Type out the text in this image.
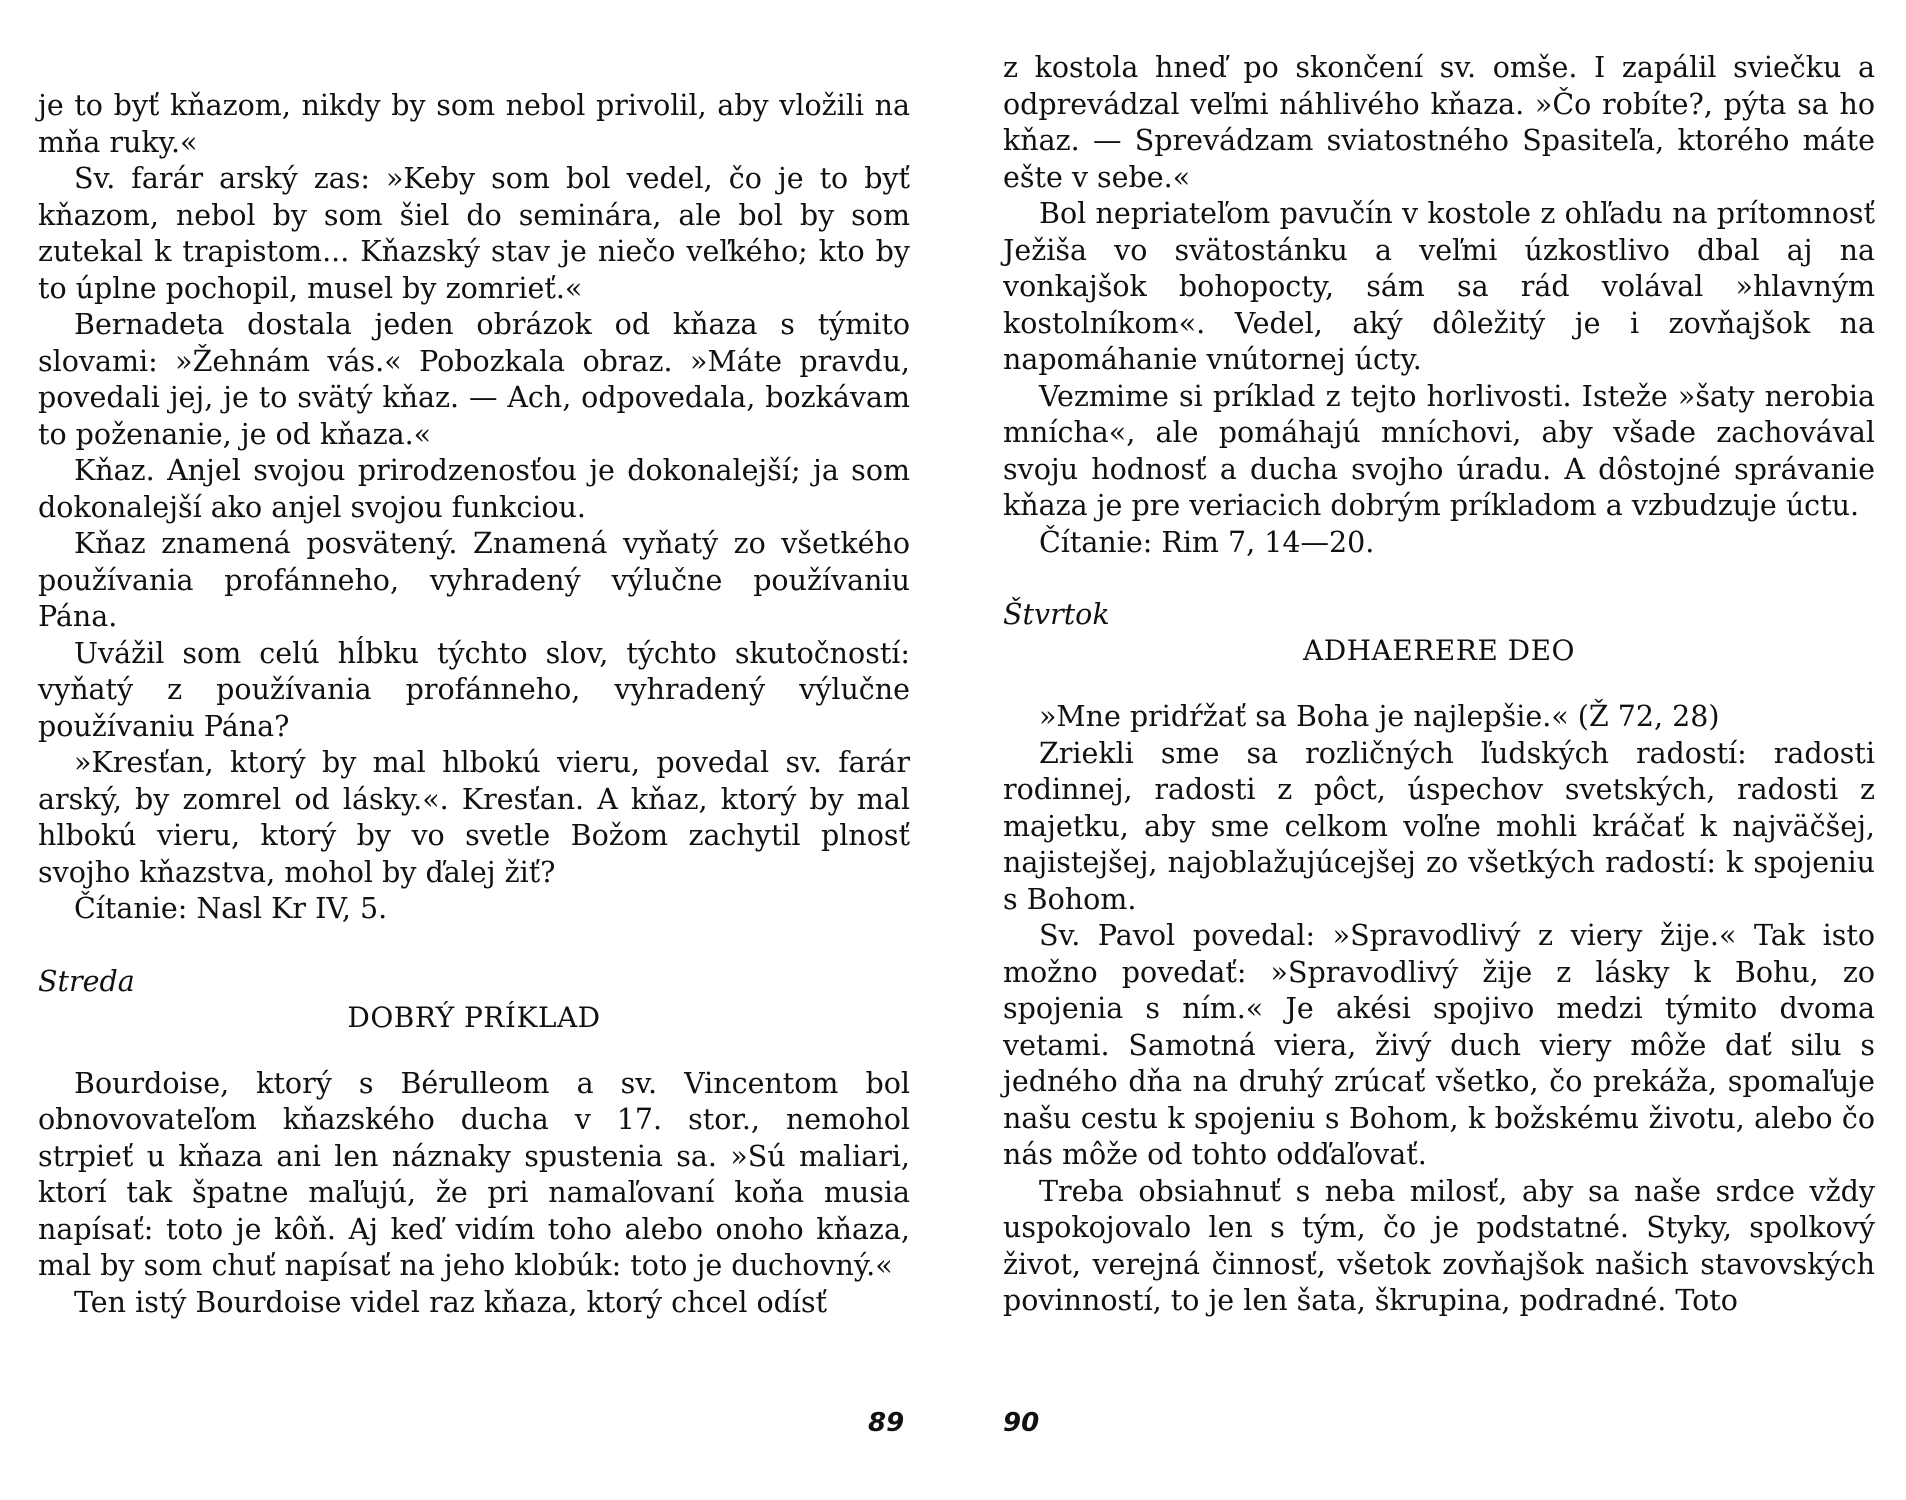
je to byť kňazom, nikdy by som nebol privolil, aby vložili na mňa ruky.«

Sv. farár arský zas: »Keby som bol vedel, čo je to byť kňazom, nebol by som šiel do seminára, ale bol by som zutekal k trapistom... Kňazský stav je niečo veľkého; kto by to úplne pochopil, musel by zomrieť.«

Bernadeta dostala jeden obrázok od kňaza s týmito slovami: »Žehnám vás.« Pobozkala obraz. »Máte pravdu, povedali jej, je to svätý kňaz. — Ach, odpovedala, bozkávam to poženanie, je od kňaza.«

Kňaz. Anjel svojou prirodzenosťou je dokonalejší; ja som dokonalejší ako anjel svojou funkciou.

Kňaz znamená posvätený. Znamená vyňatý zo všetkého používania profánneho, vyhradený výlučne používaniu Pána.

Uvážil som celú hĺbku týchto slov, týchto skutočností: vyňatý z používania profánneho, vyhradený výlučne používaniu Pána?

»Kresťan, ktorý by mal hlbokú vieru, povedal sv. farár arský, by zomrel od lásky.«. Kresťan. A kňaz, ktorý by mal hlbokú vieru, ktorý by vo svetle Božom zachytil plnosť svojho kňazstva, mohol by ďalej žiť?

Čítanie: Nasl Kr IV, 5.

Streda
DOBRÝ PRÍKLAD

Bourdoise, ktorý s Bérulleom a sv. Vincentom bol obnovovateľom kňazského ducha v 17. stor., nemohol strpieť u kňaza ani len náznaky spustenia sa. »Sú maliari, ktorí tak špatne maľujú, že pri namaľovaní koňa musia napísať: toto je kôň. Aj keď vidím toho alebo onoho kňaza, mal by som chuť napísať na jeho klobúk: toto je duchovný.«

Ten istý Bourdoise videl raz kňaza, ktorý chcel odísť

89

z kostola hneď po skončení sv. omše. I zapálil sviečku a odprevádzal veľmi náhlivého kňaza. »Čo robíte?, pýta sa ho kňaz. — Sprevádzam sviatostného Spasiteľa, ktorého máte ešte v sebe.«

Bol nepriateľom pavučín v kostole z ohľadu na prítomnosť Ježiša vo svätostánku a veľmi úzkostlivo dbal aj na vonkajšok bohopocty, sám sa rád volával »hlavným kostolníkom«. Vedel, aký dôležitý je i zovňajšok na napomáhanie vnútornej úcty.

Vezmime si príklad z tejto horlivosti. Isteže »šaty nerobia mnícha«, ale pomáhajú mníchovi, aby všade zachovával svoju hodnosť a ducha svojho úradu. A dôstojné správanie kňaza je pre veriacich dobrým príkladom a vzbudzuje úctu.

Čítanie: Rim 7, 14—20.

Štvrtok
ADHAERERE DEO

»Mne pridŕžať sa Boha je najlepšie.« (Ž 72, 28)

Zriekli sme sa rozličných ľudských radostí: radosti rodinnej, radosti z pôct, úspechov svetských, radosti z majetku, aby sme celkom voľne mohli kráčať k najväčšej, najistejšej, najoblažujúcejšej zo všetkých radostí: k spojeniu s Bohom.

Sv. Pavol povedal: »Spravodlivý z viery žije.« Tak isto možno povedať: »Spravodlivý žije z lásky k Bohu, zo spojenia s ním.« Je akési spojivo medzi týmito dvoma vetami. Samotná viera, živý duch viery môže dať silu s jedného dňa na druhý zrúcať všetko, čo prekáža, spomaľuje našu cestu k spojeniu s Bohom, k božskému životu, alebo čo nás môže od tohto odďaľovať.

Treba obsiahnuť s neba milosť, aby sa naše srdce vždy uspokojovalo len s tým, čo je podstatné. Styky, spolkový život, verejná činnosť, všetok zovňajšok našich stavovských povinností, to je len šata, škrupina, podradné. Toto

90
